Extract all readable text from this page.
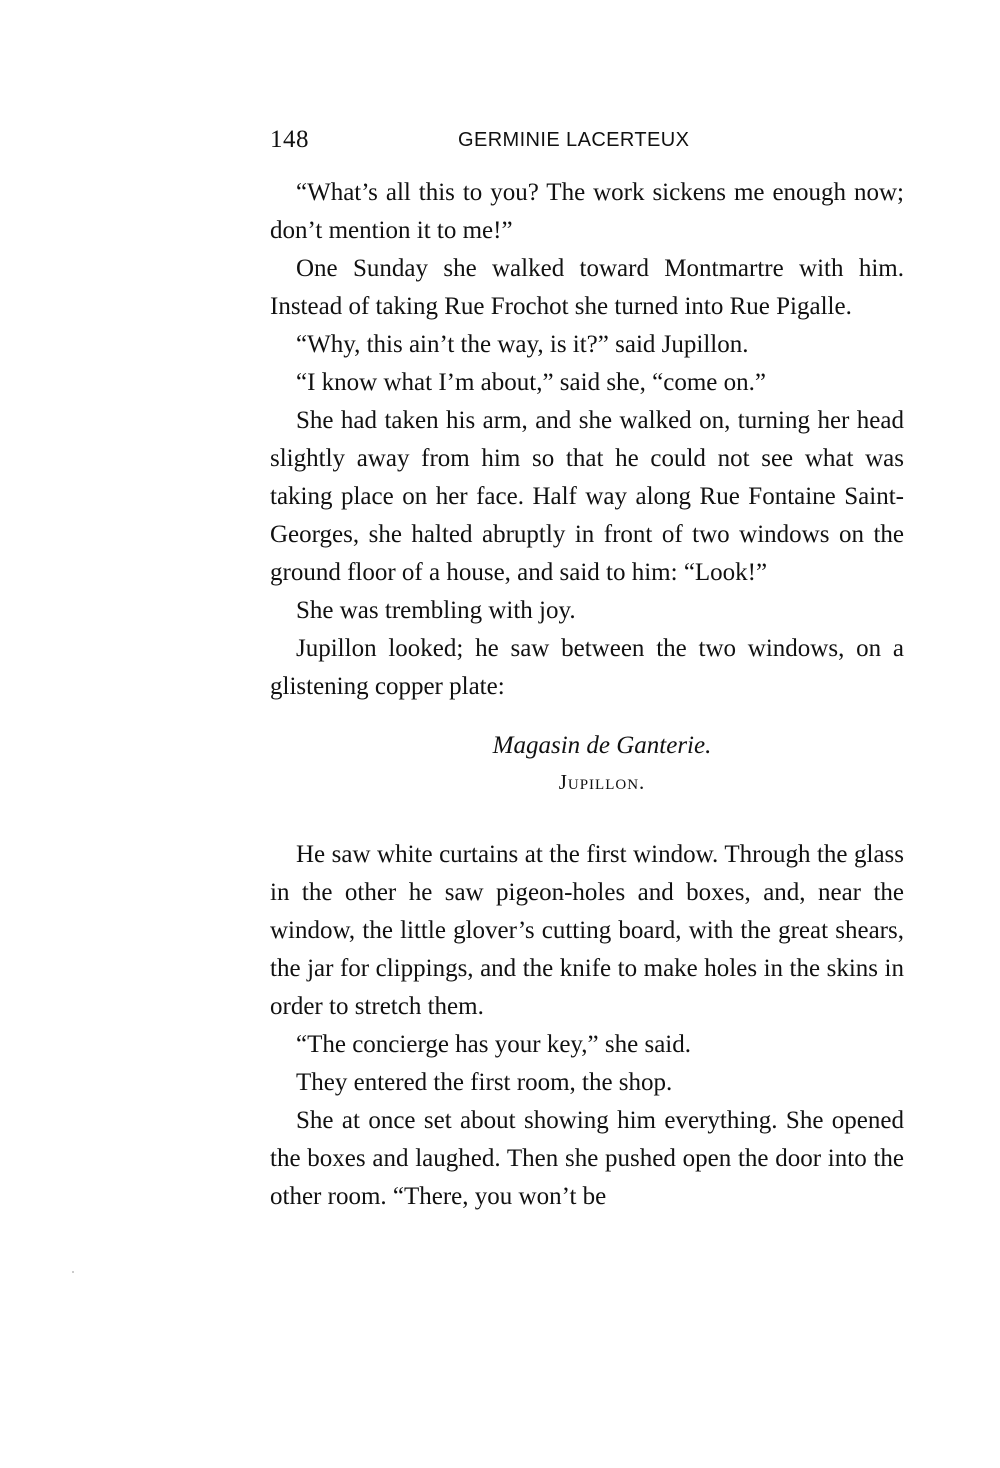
148	GERMINIE LACERTEUX

“What’s all this to you? The work sickens me enough now; don’t mention it to me!”

One Sunday she walked toward Montmartre with him. Instead of taking Rue Frochot she turned into Rue Pigalle.

“Why, this ain’t the way, is it?” said Jupillon.

“I know what I’m about,” said she, “come on.”

She had taken his arm, and she walked on, turning her head slightly away from him so that he could not see what was taking place on her face. Half way along Rue Fontaine Saint-Georges, she halted abruptly in front of two windows on the ground floor of a house, and said to him: “Look!”

She was trembling with joy.

Jupillon looked; he saw between the two windows, on a glistening copper plate:

Magasin de Ganterie.
Jupillon.

He saw white curtains at the first window. Through the glass in the other he saw pigeon-holes and boxes, and, near the window, the little glover’s cutting board, with the great shears, the jar for clippings, and the knife to make holes in the skins in order to stretch them.

“The concierge has your key,” she said.

They entered the first room, the shop.

She at once set about showing him everything. She opened the boxes and laughed. Then she pushed open the door into the other room. “There, you won’t be
